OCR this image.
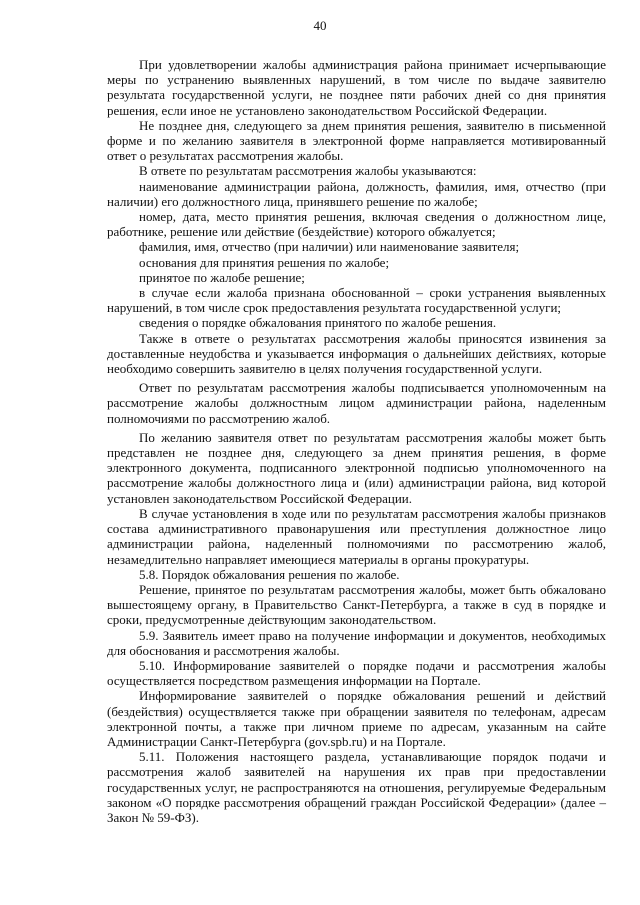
40

При удовлетворении жалобы администрация района принимает исчерпывающие меры по устранению выявленных нарушений, в том числе по выдаче заявителю результата государственной услуги, не позднее пяти рабочих дней со дня принятия решения, если иное не установлено законодательством Российской Федерации.

Не позднее дня, следующего за днем принятия решения, заявителю в письменной форме и по желанию заявителя в электронной форме направляется мотивированный ответ о результатах рассмотрения жалобы.

В ответе по результатам рассмотрения жалобы указываются:

наименование администрации района, должность, фамилия, имя, отчество (при наличии) его должностного лица, принявшего решение по жалобе;

номер, дата, место принятия решения, включая сведения о должностном лице, работнике, решение или действие (бездействие) которого обжалуется;

фамилия, имя, отчество (при наличии) или наименование заявителя;

основания для принятия решения по жалобе;

принятое по жалобе решение;

в случае если жалоба признана обоснованной – сроки устранения выявленных нарушений, в том числе срок предоставления результата государственной услуги;

сведения о порядке обжалования принятого по жалобе решения.

Также в ответе о результатах рассмотрения жалобы приносятся извинения за доставленные неудобства и указывается информация о дальнейших действиях, которые необходимо совершить заявителю в целях получения государственной услуги.

Ответ по результатам рассмотрения жалобы подписывается уполномоченным на рассмотрение жалобы должностным лицом администрации района, наделенным полномочиями по рассмотрению жалоб.

По желанию заявителя ответ по результатам рассмотрения жалобы может быть представлен не позднее дня, следующего за днем принятия решения, в форме электронного документа, подписанного электронной подписью уполномоченного на рассмотрение жалобы должностного лица и (или) администрации района, вид которой установлен законодательством Российской Федерации.

В случае установления в ходе или по результатам рассмотрения жалобы признаков состава административного правонарушения или преступления должностное лицо администрации района, наделенный полномочиями по рассмотрению жалоб, незамедлительно направляет имеющиеся материалы в органы прокуратуры.

5.8. Порядок обжалования решения по жалобе.

Решение, принятое по результатам рассмотрения жалобы, может быть обжаловано вышестоящему органу, в Правительство Санкт-Петербурга, а также в суд в порядке и сроки, предусмотренные действующим законодательством.

5.9. Заявитель имеет право на получение информации и документов, необходимых для обоснования и рассмотрения жалобы.

5.10. Информирование заявителей о порядке подачи и рассмотрения жалобы осуществляется посредством размещения информации на Портале.

Информирование заявителей о порядке обжалования решений и действий (бездействия) осуществляется также при обращении заявителя по телефонам, адресам электронной почты, а также при личном приеме по адресам, указанным на сайте Администрации Санкт-Петербурга (gov.spb.ru) и на Портале.

5.11. Положения настоящего раздела, устанавливающие порядок подачи и рассмотрения жалоб заявителей на нарушения их прав при предоставлении государственных услуг, не распространяются на отношения, регулируемые Федеральным законом «О порядке рассмотрения обращений граждан Российской Федерации» (далее – Закон № 59-ФЗ).
